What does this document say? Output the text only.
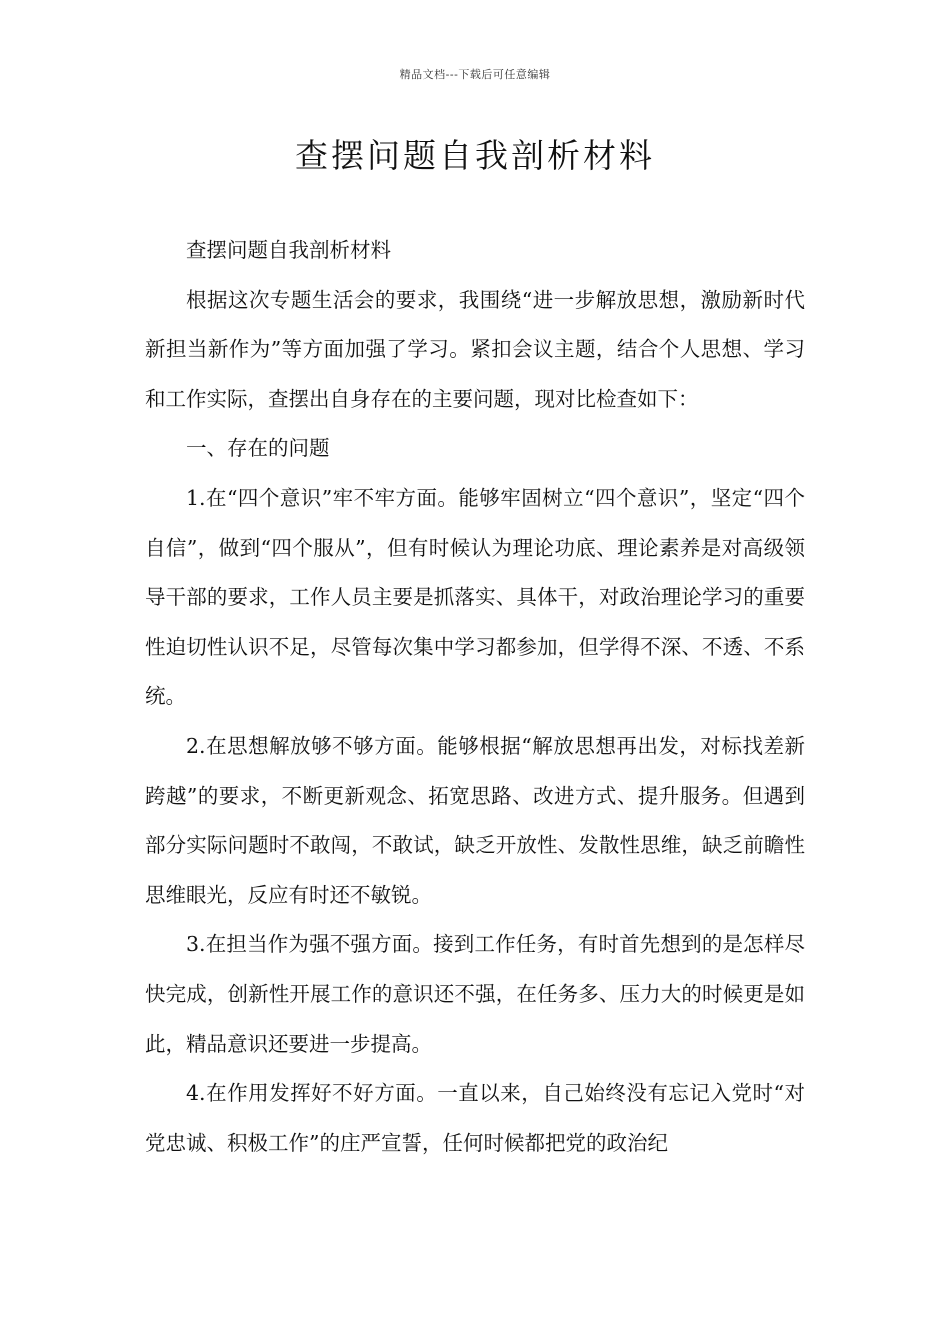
精品文档---下载后可任意编辑
查摆问题自我剖析材料

查摆问题自我剖析材料

根据这次专题生活会的要求，我围绕“进一步解放思想，激励新时代新担当新作为”等方面加强了学习。紧扣会议主题，结合个人思想、学习和工作实际，查摆出自身存在的主要问题，现对比检查如下：

一、存在的问题

1.在“四个意识”牢不牢方面。能够牢固树立“四个意识”，坚定“四个自信”，做到“四个服从”，但有时候认为理论功底、理论素养是对高级领导干部的要求，工作人员主要是抓落实、具体干，对政治理论学习的重要性迫切性认识不足，尽管每次集中学习都参加，但学得不深、不透、不系统。

2.在思想解放够不够方面。能够根据“解放思想再出发，对标找差新跨越”的要求，不断更新观念、拓宽思路、改进方式、提升服务。但遇到部分实际问题时不敢闯，不敢试，缺乏开放性、发散性思维，缺乏前瞻性思维眼光，反应有时还不敏锐。

3.在担当作为强不强方面。接到工作任务，有时首先想到的是怎样尽快完成，创新性开展工作的意识还不强，在任务多、压力大的时候更是如此，精品意识还要进一步提高。

4.在作用发挥好不好方面。一直以来，自己始终没有忘记入党时“对党忠诚、积极工作”的庄严宣誓，任何时候都把党的政治纪
